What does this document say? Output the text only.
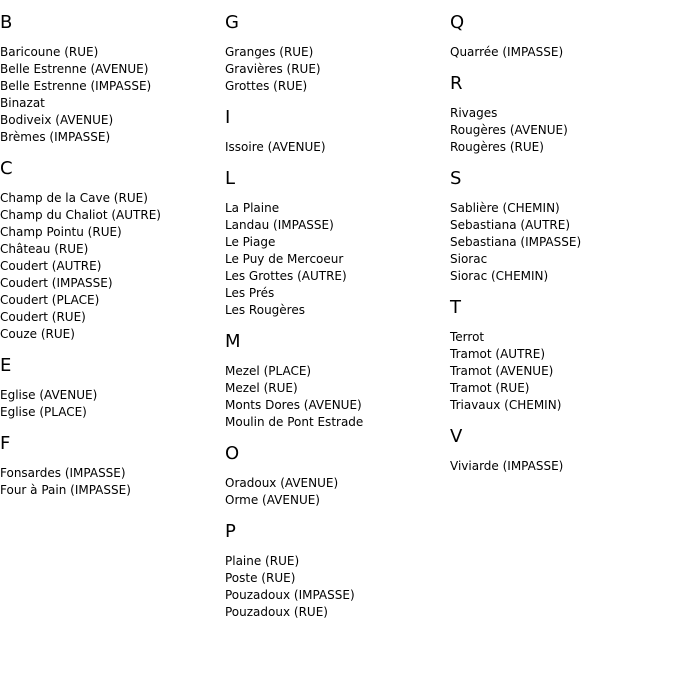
B
Baricoune (RUE)
Belle Estrenne (AVENUE)
Belle Estrenne (IMPASSE)
Binazat
Bodiveix (AVENUE)
Brèmes (IMPASSE)
C
Champ de la Cave (RUE)
Champ du Chaliot (AUTRE)
Champ Pointu (RUE)
Château (RUE)
Coudert (AUTRE)
Coudert (IMPASSE)
Coudert (PLACE)
Coudert (RUE)
Couze (RUE)
E
Eglise (AVENUE)
Eglise (PLACE)
F
Fonsardes (IMPASSE)
Four à Pain (IMPASSE)
G
Granges (RUE)
Gravières (RUE)
Grottes (RUE)
I
Issoire (AVENUE)
L
La Plaine
Landau (IMPASSE)
Le Piage
Le Puy de Mercoeur
Les Grottes (AUTRE)
Les Prés
Les Rougères
M
Mezel (PLACE)
Mezel (RUE)
Monts Dores (AVENUE)
Moulin de Pont Estrade
O
Oradoux (AVENUE)
Orme (AVENUE)
P
Plaine (RUE)
Poste (RUE)
Pouzadoux (IMPASSE)
Pouzadoux (RUE)
Q
Quarrée (IMPASSE)
R
Rivages
Rougères (AVENUE)
Rougères (RUE)
S
Sablière (CHEMIN)
Sebastiana (AUTRE)
Sebastiana (IMPASSE)
Siorac
Siorac (CHEMIN)
T
Terrot
Tramot (AUTRE)
Tramot (AVENUE)
Tramot (RUE)
Triavaux (CHEMIN)
V
Viviarde (IMPASSE)
